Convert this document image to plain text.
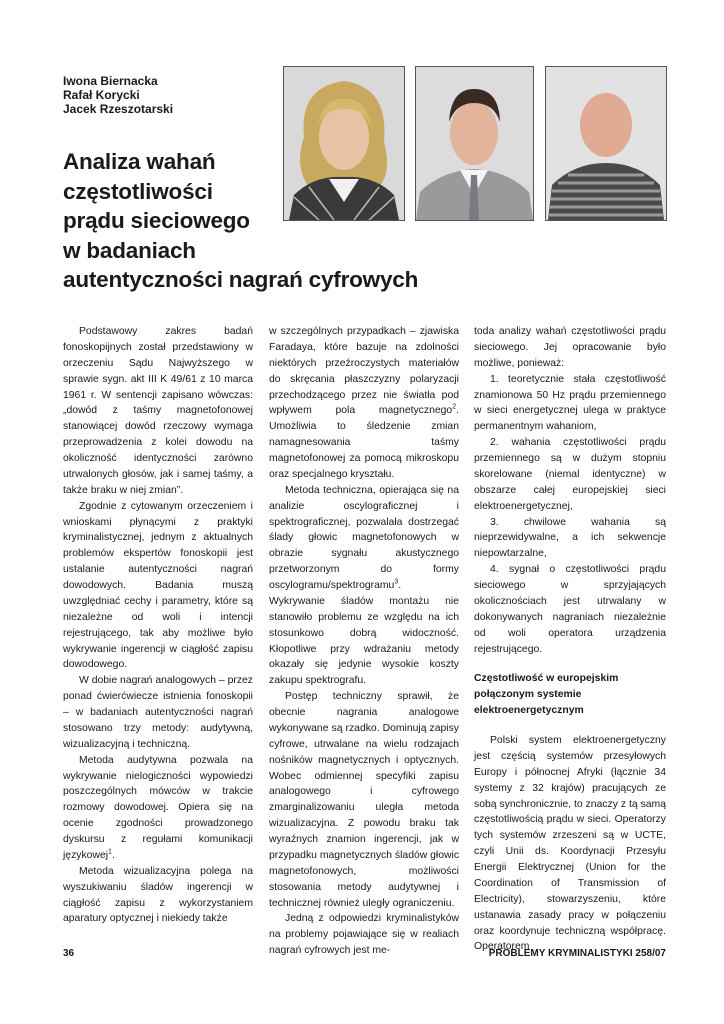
Iwona Biernacka
Rafał Korycki
Jacek Rzeszotarski
Analiza wahań
częstotliwości
prądu sieciowego
w badaniach
autentyczności nagrań cyfrowych

Podstawowy zakres badań fonoskopijnych został przedstawiony w orzeczeniu Sądu Najwyższego w sprawie sygn. akt III K 49/61 z 10 marca 1961 r. W sentencji zapisano wówczas: „dowód z taśmy magnetofonowej stanowiącej dowód rzeczowy wymaga przeprowadzenia z kolei dowodu na okoliczność identyczności zarówno utrwalonych głosów, jak i samej taśmy, a także braku w niej zmian”.

Zgodnie z cytowanym orzeczeniem i wnioskami płynącymi z praktyki kryminalistycznej, jednym z aktualnych problemów ekspertów fonoskopii jest ustalanie autentyczności nagrań dowodowych. Badania muszą uwzględniać cechy i parametry, które są niezależne od woli i intencji rejestrującego, tak aby możliwe było wykrywanie ingerencji w ciągłość zapisu dowodowego.

W dobie nagrań analogowych – przez ponad ćwierćwiecze istnienia fonoskopii – w badaniach autentyczności nagrań stosowano trzy metody: audytywną, wizualizacyjną i techniczną.

Metoda audytywna pozwala na wykrywanie nielogiczności wypowiedzi poszczególnych mówców w trakcie rozmowy dowodowej. Opiera się na ocenie zgodności prowadzonego dyskursu z regułami komunikacji językowej$^1$.

Metoda wizualizacyjna polega na wyszukiwaniu śladów ingerencji w ciągłość zapisu z wykorzystaniem aparatury optycznej i niekiedy także

w szczególnych przypadkach – zjawiska Faradaya, które bazuje na zdolności niektórych przeźroczystych materiałów do skręcania płaszczyzny polaryzacji przechodzącego przez nie światła pod wpływem pola magnetycznego$^2$. Umożliwia to śledzenie zmian namagnesowania taśmy magnetofonowej za pomocą mikroskopu oraz specjalnego kryształu.

Metoda techniczna, opierająca się na analizie oscylograficznej i spektrograficznej, pozwalała dostrzegać ślady głowic magnetofonowych w obrazie sygnału akustycznego przetworzonym do formy oscylogramu/spektrogramu$^3$. Wykrywanie śladów montażu nie stanowiło problemu ze względu na ich stosunkowo dobrą widoczność. Kłopotliwe przy wdrażaniu metody okazały się jedynie wysokie koszty zakupu spektrografu.

Postęp techniczny sprawił, że obecnie nagrania analogowe wykonywane są rzadko. Dominują zapisy cyfrowe, utrwalane na wielu rodzajach nośników magnetycznych i optycznych. Wobec odmiennej specyfiki zapisu analogowego i cyfrowego zmarginalizowaniu uległa metoda wizualizacyjna. Z powodu braku tak wyraźnych znamion ingerencji, jak w przypadku magnetycznych śladów głowic magnetofonowych, możliwości stosowania metody audytywnej i technicznej również uległy ograniczeniu.

Jedną z odpowiedzi kryminalistyków na problemy pojawiające się w realiach nagrań cyfrowych jest me-

toda analizy wahań częstotliwości prądu sieciowego. Jej opracowanie było możliwe, ponieważ:

1. teoretycznie stała częstotliwość znamionowa 50 Hz prądu przemiennego w sieci energetycznej ulega w praktyce permanentnym wahaniom,

2. wahania częstotliwości prądu przemiennego są w dużym stopniu skorelowane (niemal identyczne) w obszarze całej europejskiej sieci elektroenergetycznej,

3. chwilowe wahania są nieprzewidywalne, a ich sekwencje niepowtarzalne,

4. sygnał o częstotliwości prądu sieciowego w sprzyjających okolicznościach jest utrwalany w dokonywanych nagraniach niezależnie od woli operatora urządzenia rejestrującego.

Częstotliwość w europejskim połączonym systemie elektroenergetycznym

Polski system elektroenergetyczny jest częścią systemów przesyłowych Europy i północnej Afryki (łącznie 34 systemy z 32 krajów) pracujących ze sobą synchronicznie, to znaczy z tą samą częstotliwością prądu w sieci. Operatorzy tych systemów zrzeszeni są w UCTE, czyli Unii ds. Koordynacji Przesyłu Energii Elektrycznej (Union for the Coordination of Transmission of Electricity), stowarzyszeniu, które ustanawia zasady pracy w połączeniu oraz koordynuje techniczną współpracę. Operatorem

36	PROBLEMY KRYMINALISTYKI 258/07
